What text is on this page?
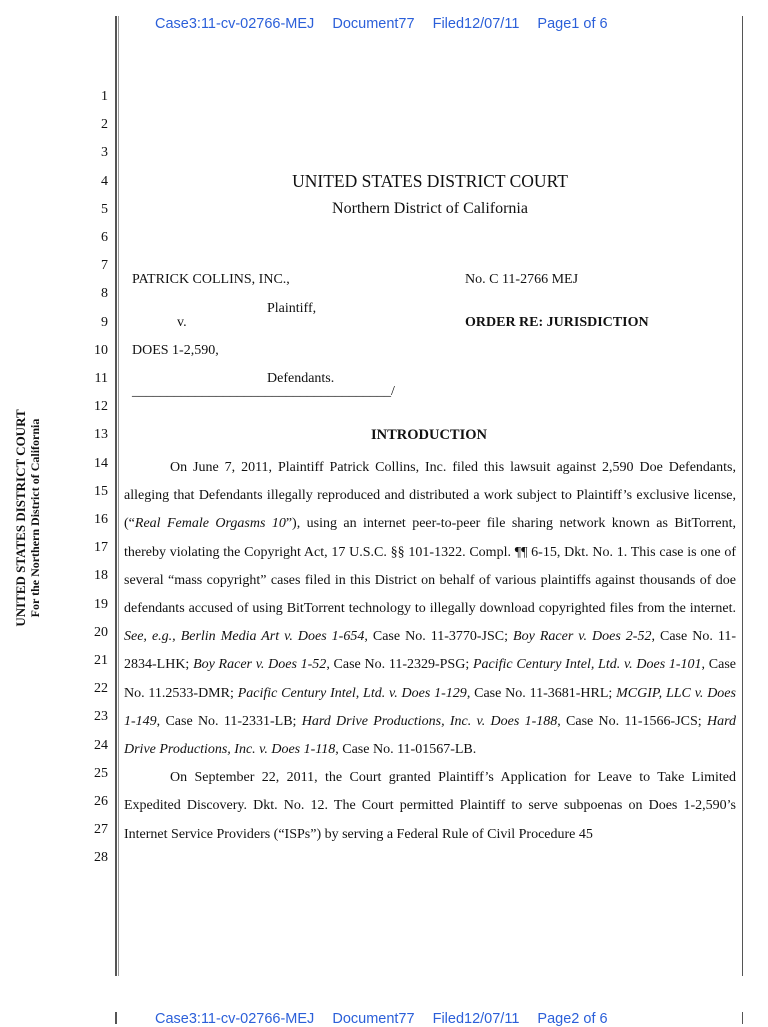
Case3:11-cv-02766-MEJ Document77 Filed12/07/11 Page1 of 6
1
2
3
4
5
6
7
8
9
10
11
12
13
14
15
16
17
18
19
20
21
22
23
24
25
26
27
28
UNITED STATES DISTRICT COURT For the Northern District of California
UNITED STATES DISTRICT COURT
Northern District of California
PATRICK COLLINS, INC.,
Plaintiff,
v.
DOES 1-2,590,
Defendants.
_____________________________________/
No. C 11-2766 MEJ
ORDER RE: JURISDICTION
INTRODUCTION

On June 7, 2011, Plaintiff Patrick Collins, Inc. filed this lawsuit against 2,590 Doe Defendants, alleging that Defendants illegally reproduced and distributed a work subject to Plaintiff’s exclusive license, (“Real Female Orgasms 10”), using an internet peer-to-peer file sharing network known as BitTorrent, thereby violating the Copyright Act, 17 U.S.C. §§ 101-1322. Compl. ¶¶ 6-15, Dkt. No. 1. This case is one of several “mass copyright” cases filed in this District on behalf of various plaintiffs against thousands of doe defendants accused of using BitTorrent technology to illegally download copyrighted files from the internet. See, e.g., Berlin Media Art v. Does 1-654, Case No. 11-3770-JSC; Boy Racer v. Does 2-52, Case No. 11-2834-LHK; Boy Racer v. Does 1-52, Case No. 11-2329-PSG; Pacific Century Intel, Ltd. v. Does 1-101, Case No. 11.2533-DMR; Pacific Century Intel, Ltd. v. Does 1-129, Case No. 11-3681-HRL; MCGIP, LLC v. Does 1-149, Case No. 11-2331-LB; Hard Drive Productions, Inc. v. Does 1-188, Case No. 11-1566-JCS; Hard Drive Productions, Inc. v. Does 1-118, Case No. 11-01567-LB.

On September 22, 2011, the Court granted Plaintiff’s Application for Leave to Take Limited Expedited Discovery. Dkt. No. 12. The Court permitted Plaintiff to serve subpoenas on Does 1-2,590’s Internet Service Providers (“ISPs”) by serving a Federal Rule of Civil Procedure 45

Case3:11-cv-02766-MEJ Document77 Filed12/07/11 Page2 of 6
